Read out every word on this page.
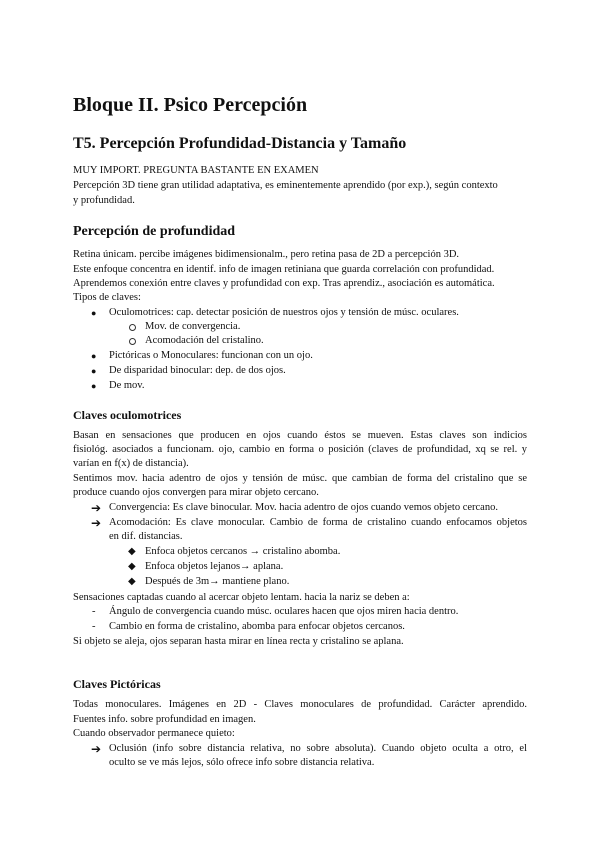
Bloque II. Psico Percepción
T5. Percepción Profundidad-Distancia y Tamaño
MUY IMPORT. PREGUNTA BASTANTE EN EXAMEN
Percepción 3D tiene gran utilidad adaptativa, es eminentemente aprendido (por exp.), según contexto
y profundidad.
Percepción de profundidad
Retina únicam. percibe imágenes bidimensionalm., pero retina pasa de 2D a percepción 3D.
Este enfoque concentra en identif. info de imagen retiniana que guarda correlación con profundidad.
Aprendemos conexión entre claves y profundidad con exp. Tras aprendiz., asociación es automática.
Tipos de claves:
● Oculomotrices: cap. detectar posición de nuestros ojos y tensión de músc. oculares.
Mov. de convergencia.
Acomodación del cristalino.
● Pictóricas o Monoculares: funcionan con un ojo.
● De disparidad binocular: dep. de dos ojos.
● De mov.
Claves oculomotrices
Basan en sensaciones que producen en ojos cuando éstos se mueven. Estas claves son indicios
fisiológ. asociados a funcionam. ojo, cambio en forma o posición (claves de profundidad, xq se rel. y
varían en f(x) de distancia).
Sentimos mov. hacia adentro de ojos y tensión de músc. que cambian de forma del cristalino que se
produce cuando ojos convergen para mirar objeto cercano.
➔ Convergencia: Es clave binocular. Mov. hacia adentro de ojos cuando vemos objeto cercano.
➔ Acomodación: Es clave monocular. Cambio de forma de cristalino cuando enfocamos objetos
en dif. distancias.
◆ Enfoca objetos cercanos → cristalino abomba.
◆ Enfoca objetos lejanos→ aplana.
◆ Después de 3m→ mantiene plano.
Sensaciones captadas cuando al acercar objeto lentam. hacia la nariz se deben a:
- Ángulo de convergencia cuando músc. oculares hacen que ojos miren hacia dentro.
- Cambio en forma de cristalino, abomba para enfocar objetos cercanos.
Si objeto se aleja, ojos separan hasta mirar en línea recta y cristalino se aplana.
Claves Pictóricas
Todas monoculares. Imágenes en 2D - Claves monoculares de profundidad. Carácter aprendido.
Fuentes info. sobre profundidad en imagen.
Cuando observador permanece quieto:
➔ Oclusión (info sobre distancia relativa, no sobre absoluta). Cuando objeto oculta a otro, el
oculto se ve más lejos, sólo ofrece info sobre distancia relativa.
